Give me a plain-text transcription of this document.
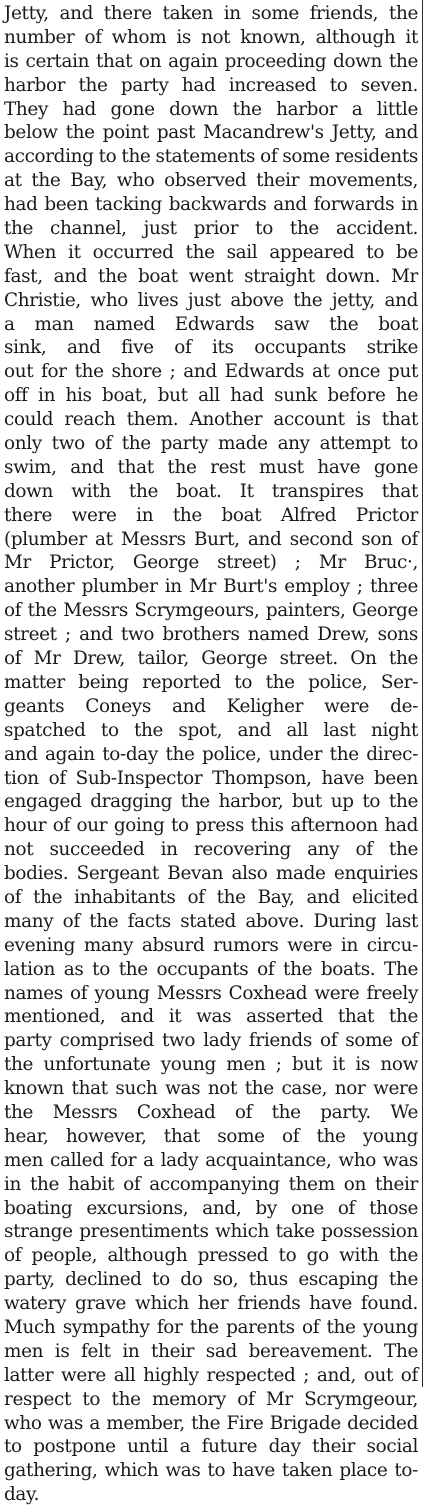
Jetty, and there taken in some friends, the
number of whom is not known, although it
is certain that on again proceeding down the
harbor the party had increased to seven.
They had gone down the harbor a little
below the point past Macandrew's Jetty, and
according to the statements of some residents
at the Bay, who observed their movements,
had been tacking backwards and forwards in
the channel, just prior to the accident.
When it occurred the sail appeared to be
fast, and the boat went straight down. Mr
Christie, who lives just above the jetty, and
a man named Edwards saw the boat
sink, and five of its occupants strike
out for the shore ; and Edwards at once put
off in his boat, but all had sunk before he
could reach them. Another account is that
only two of the party made any attempt to
swim, and that the rest must have gone
down with the boat. It transpires that
there were in the boat Alfred Prictor
(plumber at Messrs Burt, and second son of
Mr Prictor, George street) ; Mr Bruc·,
another plumber in Mr Burt's employ ; three
of the Messrs Scrymgeours, painters, George
street ; and two brothers named Drew, sons
of Mr Drew, tailor, George street. On the
matter being reported to the police, Ser-
geants Coneys and Keligher were de-
spatched to the spot, and all last night
and again to-day the police, under the direc-
tion of Sub-Inspector Thompson, have been
engaged dragging the harbor, but up to the
hour of our going to press this afternoon had
not succeeded in recovering any of the
bodies. Sergeant Bevan also made enquiries
of the inhabitants of the Bay, and elicited
many of the facts stated above. During last
evening many absurd rumors were in circu-
lation as to the occupants of the boats. The
names of young Messrs Coxhead were freely
mentioned, and it was asserted that the
party comprised two lady friends of some of
the unfortunate young men ; but it is now
known that such was not the case, nor were
the Messrs Coxhead of the party. We
hear, however, that some of the young
men called for a lady acquaintance, who was
in the habit of accompanying them on their
boating excursions, and, by one of those
strange presentiments which take possession
of people, although pressed to go with the
party, declined to do so, thus escaping the
watery grave which her friends have found.
Much sympathy for the parents of the young
men is felt in their sad bereavement. The
latter were all highly respected ; and, out of
respect to the memory of Mr Scrymgeour,
who was a member, the Fire Brigade decided
to postpone until a future day their social
gathering, which was to have taken place to-
day.
